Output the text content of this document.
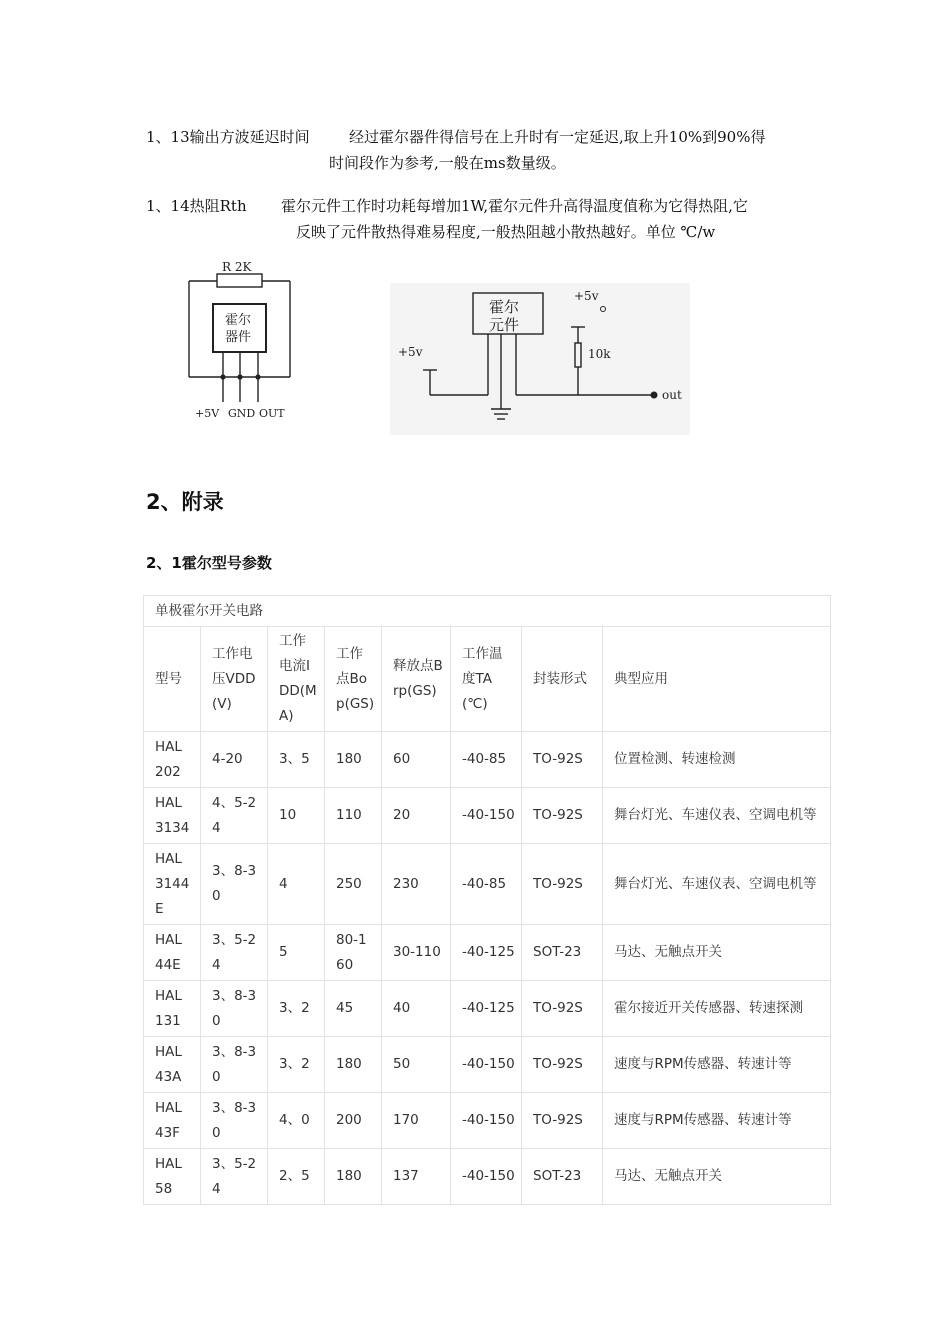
1、13输出方波延迟时间	经过霍尔器件得信号在上升时有一定延迟,取上升10%到90%得
时间段作为参考,一般在ms数量级。
1、14热阻Rth 霍尔元件工作时功耗每增加1W,霍尔元件升高得温度值称为它得热阻,它
反映了元件散热得难易程度,一般热阻越小散热越好。单位 ℃/w
R 2K
霍尔
器件
+5V GND OUT
霍尔
元件
+5v
+5v	10k
out
2、附录
2、1霍尔型号参数
单极霍尔开关电路							
型号	工作电压VDD(V)	工作电流IDD(MA)	工作点Bop(GS)	释放点Brp(GS)	工作温度TA(℃)	封装形式	典型应用
HAL 202	4-20	3、5	180	60	-40-85	TO-92S	位置检测、转速检测
HAL 3134	4、5-24	10	110	20	-40-150	TO-92S	舞台灯光、车速仪表、空调电机等
HAL 3144E	3、8-30	4	250	230	-40-85	TO-92S	舞台灯光、车速仪表、空调电机等
HAL 44E	3、5-24	5	80-160	30-110	-40-125	SOT-23	马达、无触点开关
HAL 131	3、8-30	3、2	45	40	-40-125	TO-92S	霍尔接近开关传感器、转速探测
HAL 43A	3、8-30	3、2	180	50	-40-150	TO-92S	速度与RPM传感器、转速计等
HAL 43F	3、8-30	4、0	200	170	-40-150	TO-92S	速度与RPM传感器、转速计等
HAL 58	3、5-24	2、5	180	137	-40-150	SOT-23	马达、无触点开关
